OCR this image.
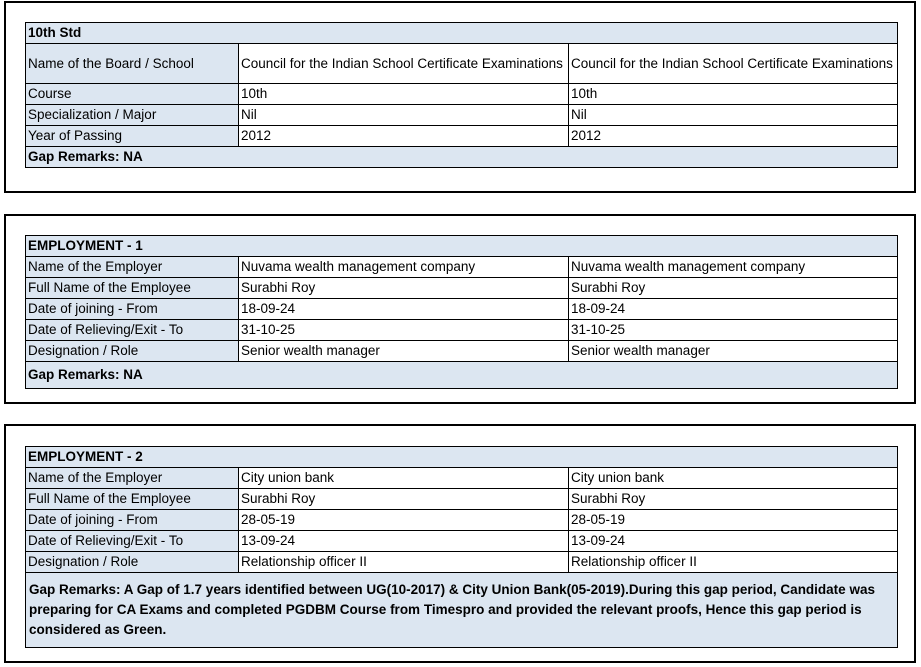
10th Std		
Name of the Board / School	Council for the Indian School Certificate Examinations	Council for the Indian School Certificate Examinations
Course	10th	10th
Specialization / Major	Nil	Nil
Year of Passing	2012	2012
Gap Remarks: NA		
EMPLOYMENT - 1		
Name of the Employer	Nuvama wealth management company	Nuvama wealth management company
Full Name of the Employee	Surabhi Roy	Surabhi Roy
Date of joining - From	18-09-24	18-09-24
Date of Relieving/Exit - To	31-10-25	31-10-25
Designation / Role	Senior wealth manager	Senior wealth manager
Gap Remarks: NA		
EMPLOYMENT - 2		
Name of the Employer	City union bank	City union bank
Full Name of the Employee	Surabhi Roy	Surabhi Roy
Date of joining - From	28-05-19	28-05-19
Date of Relieving/Exit - To	13-09-24	13-09-24
Designation / Role	Relationship officer II	Relationship officer II
Gap Remarks: A Gap of 1.7 years identified between UG(10-2017) & City Union Bank(05-2019).During this gap period, Candidate was preparing for CA Exams and completed PGDBM Course from Timespro and provided the relevant proofs, Hence this gap period is considered as Green.		
